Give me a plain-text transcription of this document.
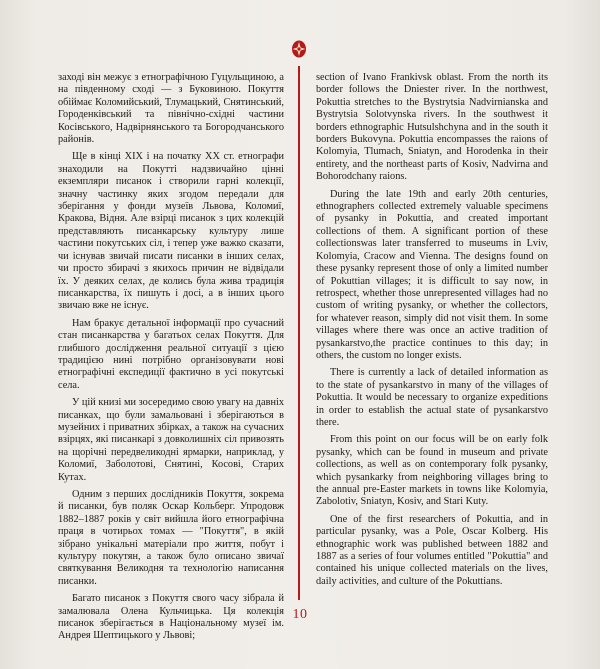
заході він межує з етнографічною Гуцульщиною, а на південному сході — з Буковиною. Покуття обіймає Коломийський, Тлумацький, Снятинський, Городенківський та північно-східні частини Косівського, Надвірнянського та Богородчанського районів.

Ще в кінці XIX і на початку XX ст. етнографи знаходили на Покутті надзвичайно цінні екземпляри писанок і створили гарні колекції, значну частинку яких згодом передали для зберігання у фонди музеїв Львова, Коломиї, Кракова, Відня. Але взірці писанок з цих колекцій представляють писанкарську культуру лише частини покутських сіл, і тепер уже важко сказати, чи існував звичай писати писанки в інших селах, чи просто збирачі з якихось причин не відвідали їх. У деяких селах, де колись була жива традиція писанкарства, їх пишуть і досі, а в інших цього звичаю вже не існує.

Нам бракує детальної інформації про сучасний стан писанкарства у багатьох селах Покуття. Для глибшого дослідження реальної ситуації з цією традицією нині потрібно організовувати нові етнографічні експедиції фактично в усі покутські села.

У цій книзі ми зосередимо свою увагу на давніх писанках, що були замальовані і зберігаються в музейних і приватних збірках, а також на сучасних взірцях, які писанкарі з довколишніх сіл привозять на щорічні передвеликодні ярмарки, наприклад, у Коломиї, Заболотові, Снятині, Косові, Старих Кутах.

Одним з перших дослідників Покуття, зокрема й писанки, був поляк Оскар Кольберг. Упродовж 1882–1887 років у світ вийшла його етнографічна праця в чотирьох томах — "Покуття", в якій зібрано унікальні матеріали про життя, побут і культуру покутян, а також було описано звичаї святкування Великодня та технологію написання писанки.

Багато писанок з Покуття свого часу зібрала й замалювала Олена Кульчицька. Ця колекція писанок зберігається в Національному музеї ім. Андрея Шептицького у Львові;

section of Ivano Frankivsk oblast. From the north its border follows the Dniester river. In the northwest, Pokuttia stretches to the Bystrytsia Nadvirnianska and Bystrytsia Solotvynska rivers. In the southwest it borders ethnographic Hutsulshchyna and in the south it borders Bukovyna. Pokuttia encompasses the raions of Kolomyia, Tlumach, Sniatyn, and Horodenka in their entirety, and the northeast parts of Kosiv, Nadvirna and Bohorodchany raions.

During the late 19th and early 20th centuries, ethnographers collected extremely valuable specimens of pysanky in Pokuttia, and created important collections of them. A significant portion of these collectionswas later transferred to museums in Lviv, Kolomyia, Cracow and Vienna. The designs found on these pysanky represent those of only a limited number of Pokuttian villages; it is difficult to say now, in retrospect, whether those unrepresented villages had no custom of writing pysanky, or whether the collectors, for whatever reason, simply did not visit them. In some villages where there was once an active tradition of pysankarstvo,the practice continues to this day; in others, the custom no longer exists.

There is currently a lack of detailed information as to the state of pysankarstvo in many of the villages of Pokuttia. It would be necessary to organize expeditions in order to establish the actual state of pysankarstvo there.

From this point on our focus will be on early folk pysanky, which can be found in museum and private collections, as well as on contemporary folk pysanky, which pysankarky from neighboring villages bring to the annual pre-Easter markets in towns like Kolomyia, Zabolotiv, Sniatyn, Kosiv, and Stari Kuty.

One of the first researchers of Pokuttia, and in particular pysanky, was a Pole, Oscar Kolberg. His ethnographic work was published between 1882 and 1887 as a series of four volumes entitled "Pokuttia" and contained his unique collected materials on the lives, daily activities, and culture of the Pokuttians.

10
